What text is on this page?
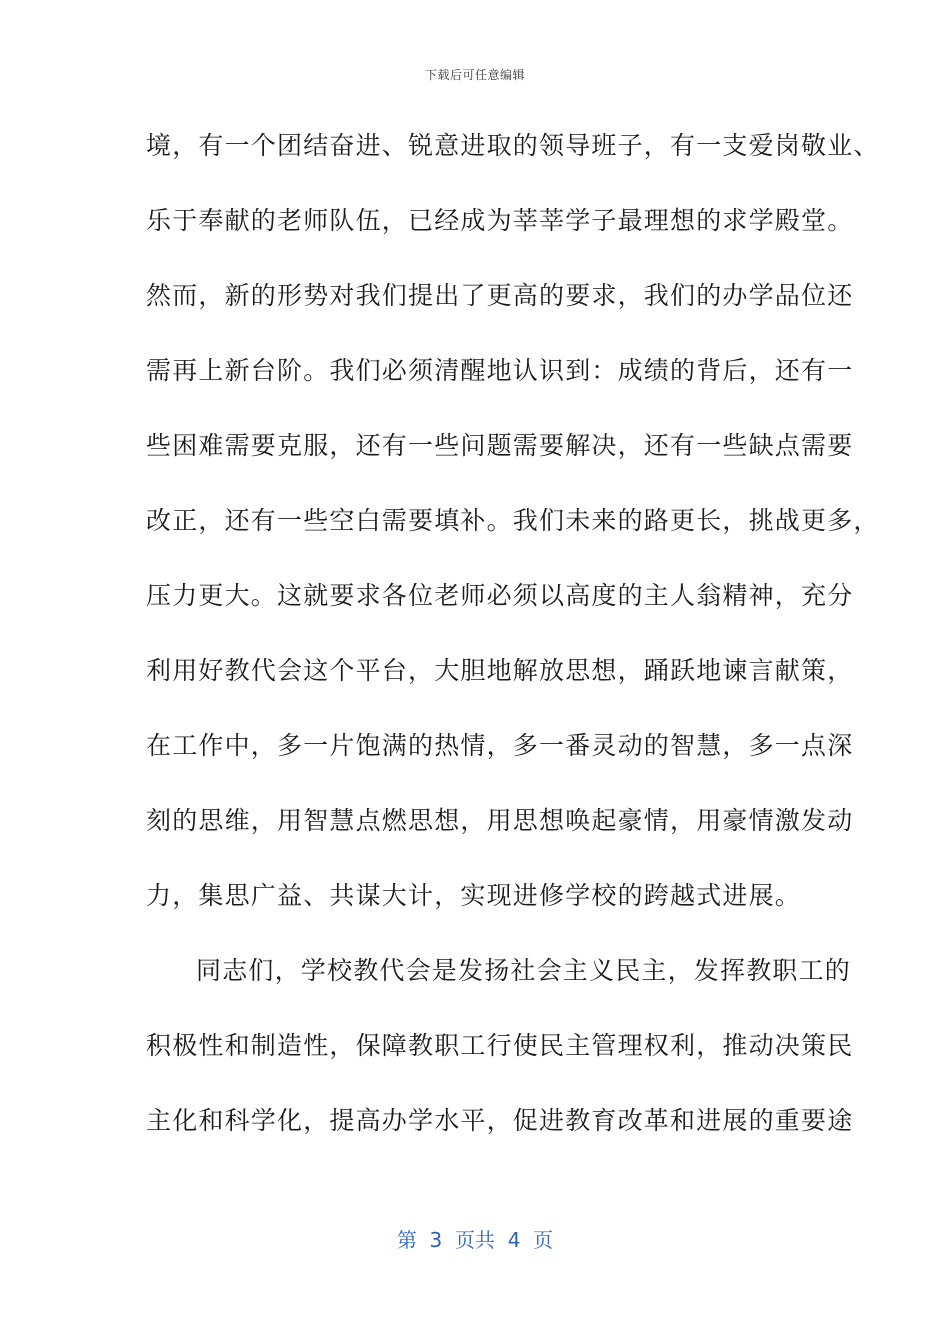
下载后可任意编辑
境，有一个团结奋进、锐意进取的领导班子，有一支爱岗敬业、
乐于奉献的老师队伍，已经成为莘莘学子最理想的求学殿堂。
然而，新的形势对我们提出了更高的要求，我们的办学品位还
需再上新台阶。我们必须清醒地认识到：成绩的背后，还有一
些困难需要克服，还有一些问题需要解决，还有一些缺点需要
改正，还有一些空白需要填补。我们未来的路更长，挑战更多，
压力更大。这就要求各位老师必须以高度的主人翁精神，充分
利用好教代会这个平台，大胆地解放思想，踊跃地谏言献策，
在工作中，多一片饱满的热情，多一番灵动的智慧，多一点深
刻的思维，用智慧点燃思想，用思想唤起豪情，用豪情激发动
力，集思广益、共谋大计，实现进修学校的跨越式进展。
同志们，学校教代会是发扬社会主义民主，发挥教职工的
积极性和制造性，保障教职工行使民主管理权利，推动决策民
主化和科学化，提高办学水平，促进教育改革和进展的重要途
第  3  页共  4  页
